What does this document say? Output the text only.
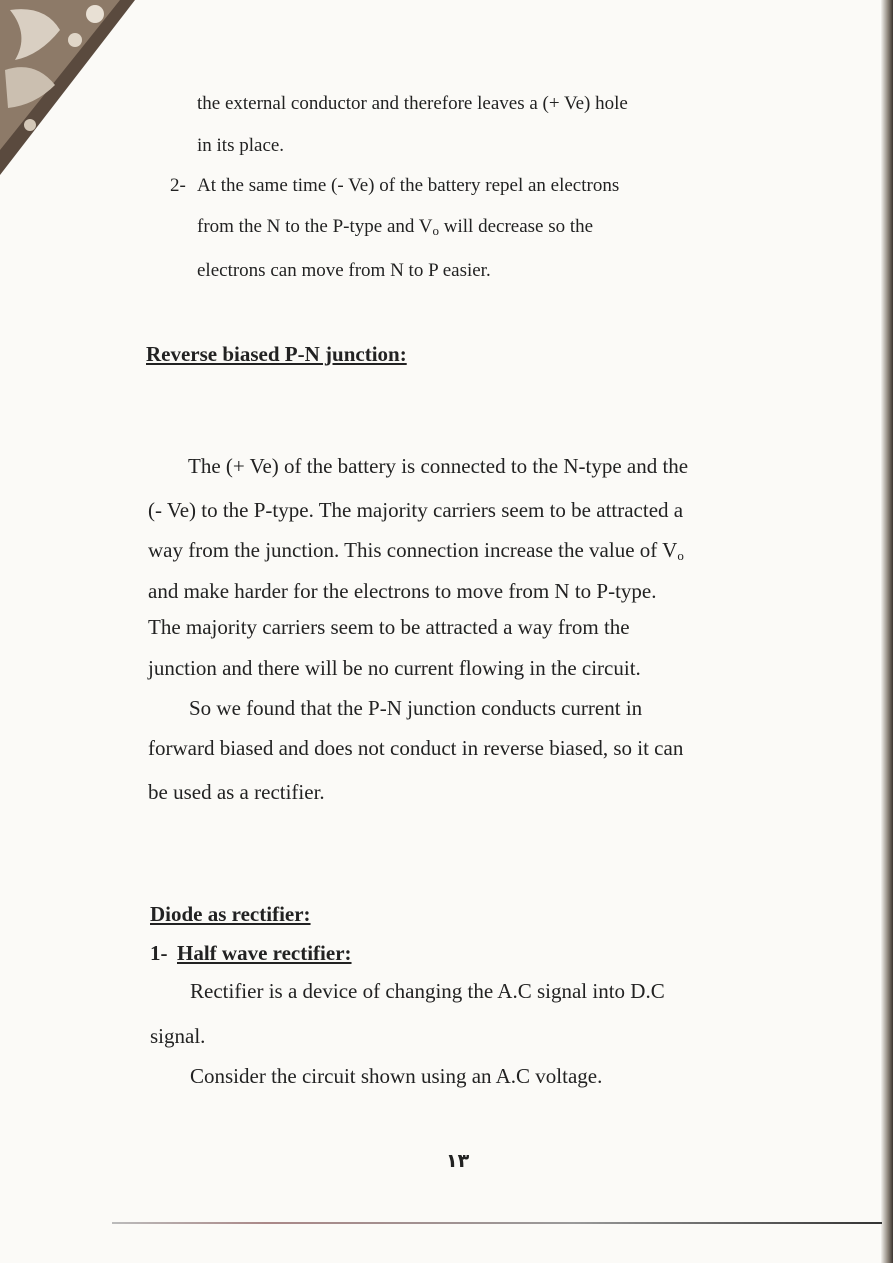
the external conductor and therefore leaves a (+ Ve) hole
in its place.
2- At the same time (- Ve) of the battery repel an electrons
from the N to the P-type and $V_o$ will decrease so the
electrons can move from N to P easier.
Reverse biased P-N junction:
The (+ Ve) of the battery is connected to the N-type and the
(- Ve) to the P-type. The majority carriers seem to be attracted a
way from the junction. This connection increase the value of $V_o$
and make harder for the electrons to move from N to P-type.
The majority carriers seem to be attracted a way from the
junction and there will be no current flowing in the circuit.
So we found that the P-N junction conducts current in
forward biased and does not conduct in reverse biased, so it can
be used as a rectifier.
Diode as rectifier:
1- Half wave rectifier:
Rectifier is a device of changing the A.C signal into D.C
signal.
Consider the circuit shown using an A.C voltage.
١٣
